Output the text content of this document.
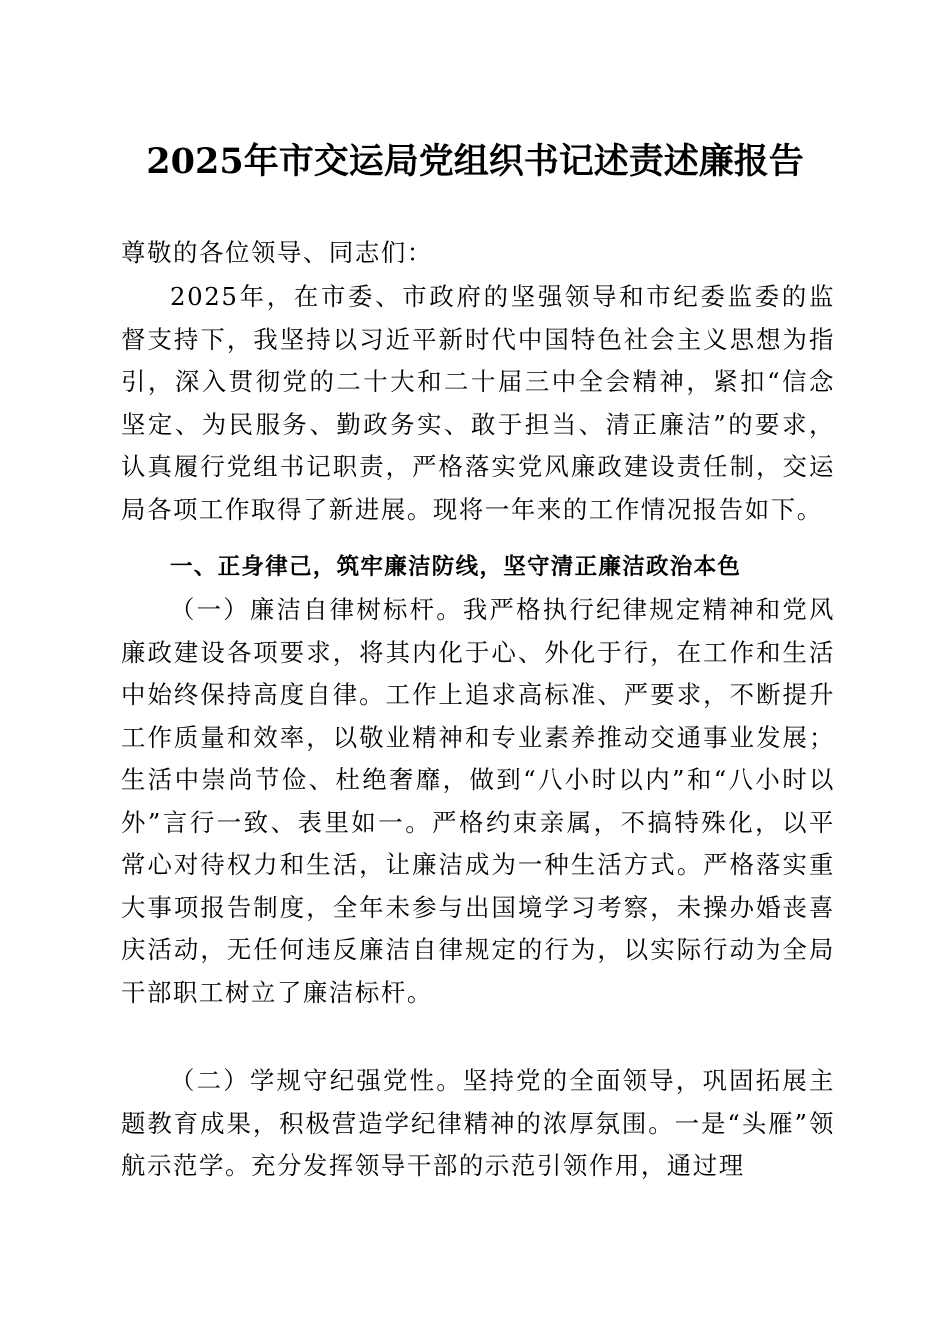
2025年市交运局党组织书记述责述廉报告
尊敬的各位领导、同志们：
2025年，在市委、市政府的坚强领导和市纪委监委的监督支持下，我坚持以习近平新时代中国特色社会主义思想为指引，深入贯彻党的二十大和二十届三中全会精神，紧扣“信念坚定、为民服务、勤政务实、敢于担当、清正廉洁”的要求，认真履行党组书记职责，严格落实党风廉政建设责任制，交运局各项工作取得了新进展。现将一年来的工作情况报告如下。
一、正身律己，筑牢廉洁防线，坚守清正廉洁政治本色
（一）廉洁自律树标杆。我严格执行纪律规定精神和党风廉政建设各项要求，将其内化于心、外化于行，在工作和生活中始终保持高度自律。工作上追求高标准、严要求，不断提升工作质量和效率，以敬业精神和专业素养推动交通事业发展；生活中崇尚节俭、杜绝奢靡，做到“八小时以内”和“八小时以外”言行一致、表里如一。严格约束亲属，不搞特殊化，以平常心对待权力和生活，让廉洁成为一种生活方式。严格落实重大事项报告制度，全年未参与出国境学习考察，未操办婚丧喜庆活动，无任何违反廉洁自律规定的行为，以实际行动为全局干部职工树立了廉洁标杆。
（二）学规守纪强党性。坚持党的全面领导，巩固拓展主题教育成果，积极营造学纪律精神的浓厚氛围。一是“头雁”领航示范学。充分发挥领导干部的示范引领作用，通过理
